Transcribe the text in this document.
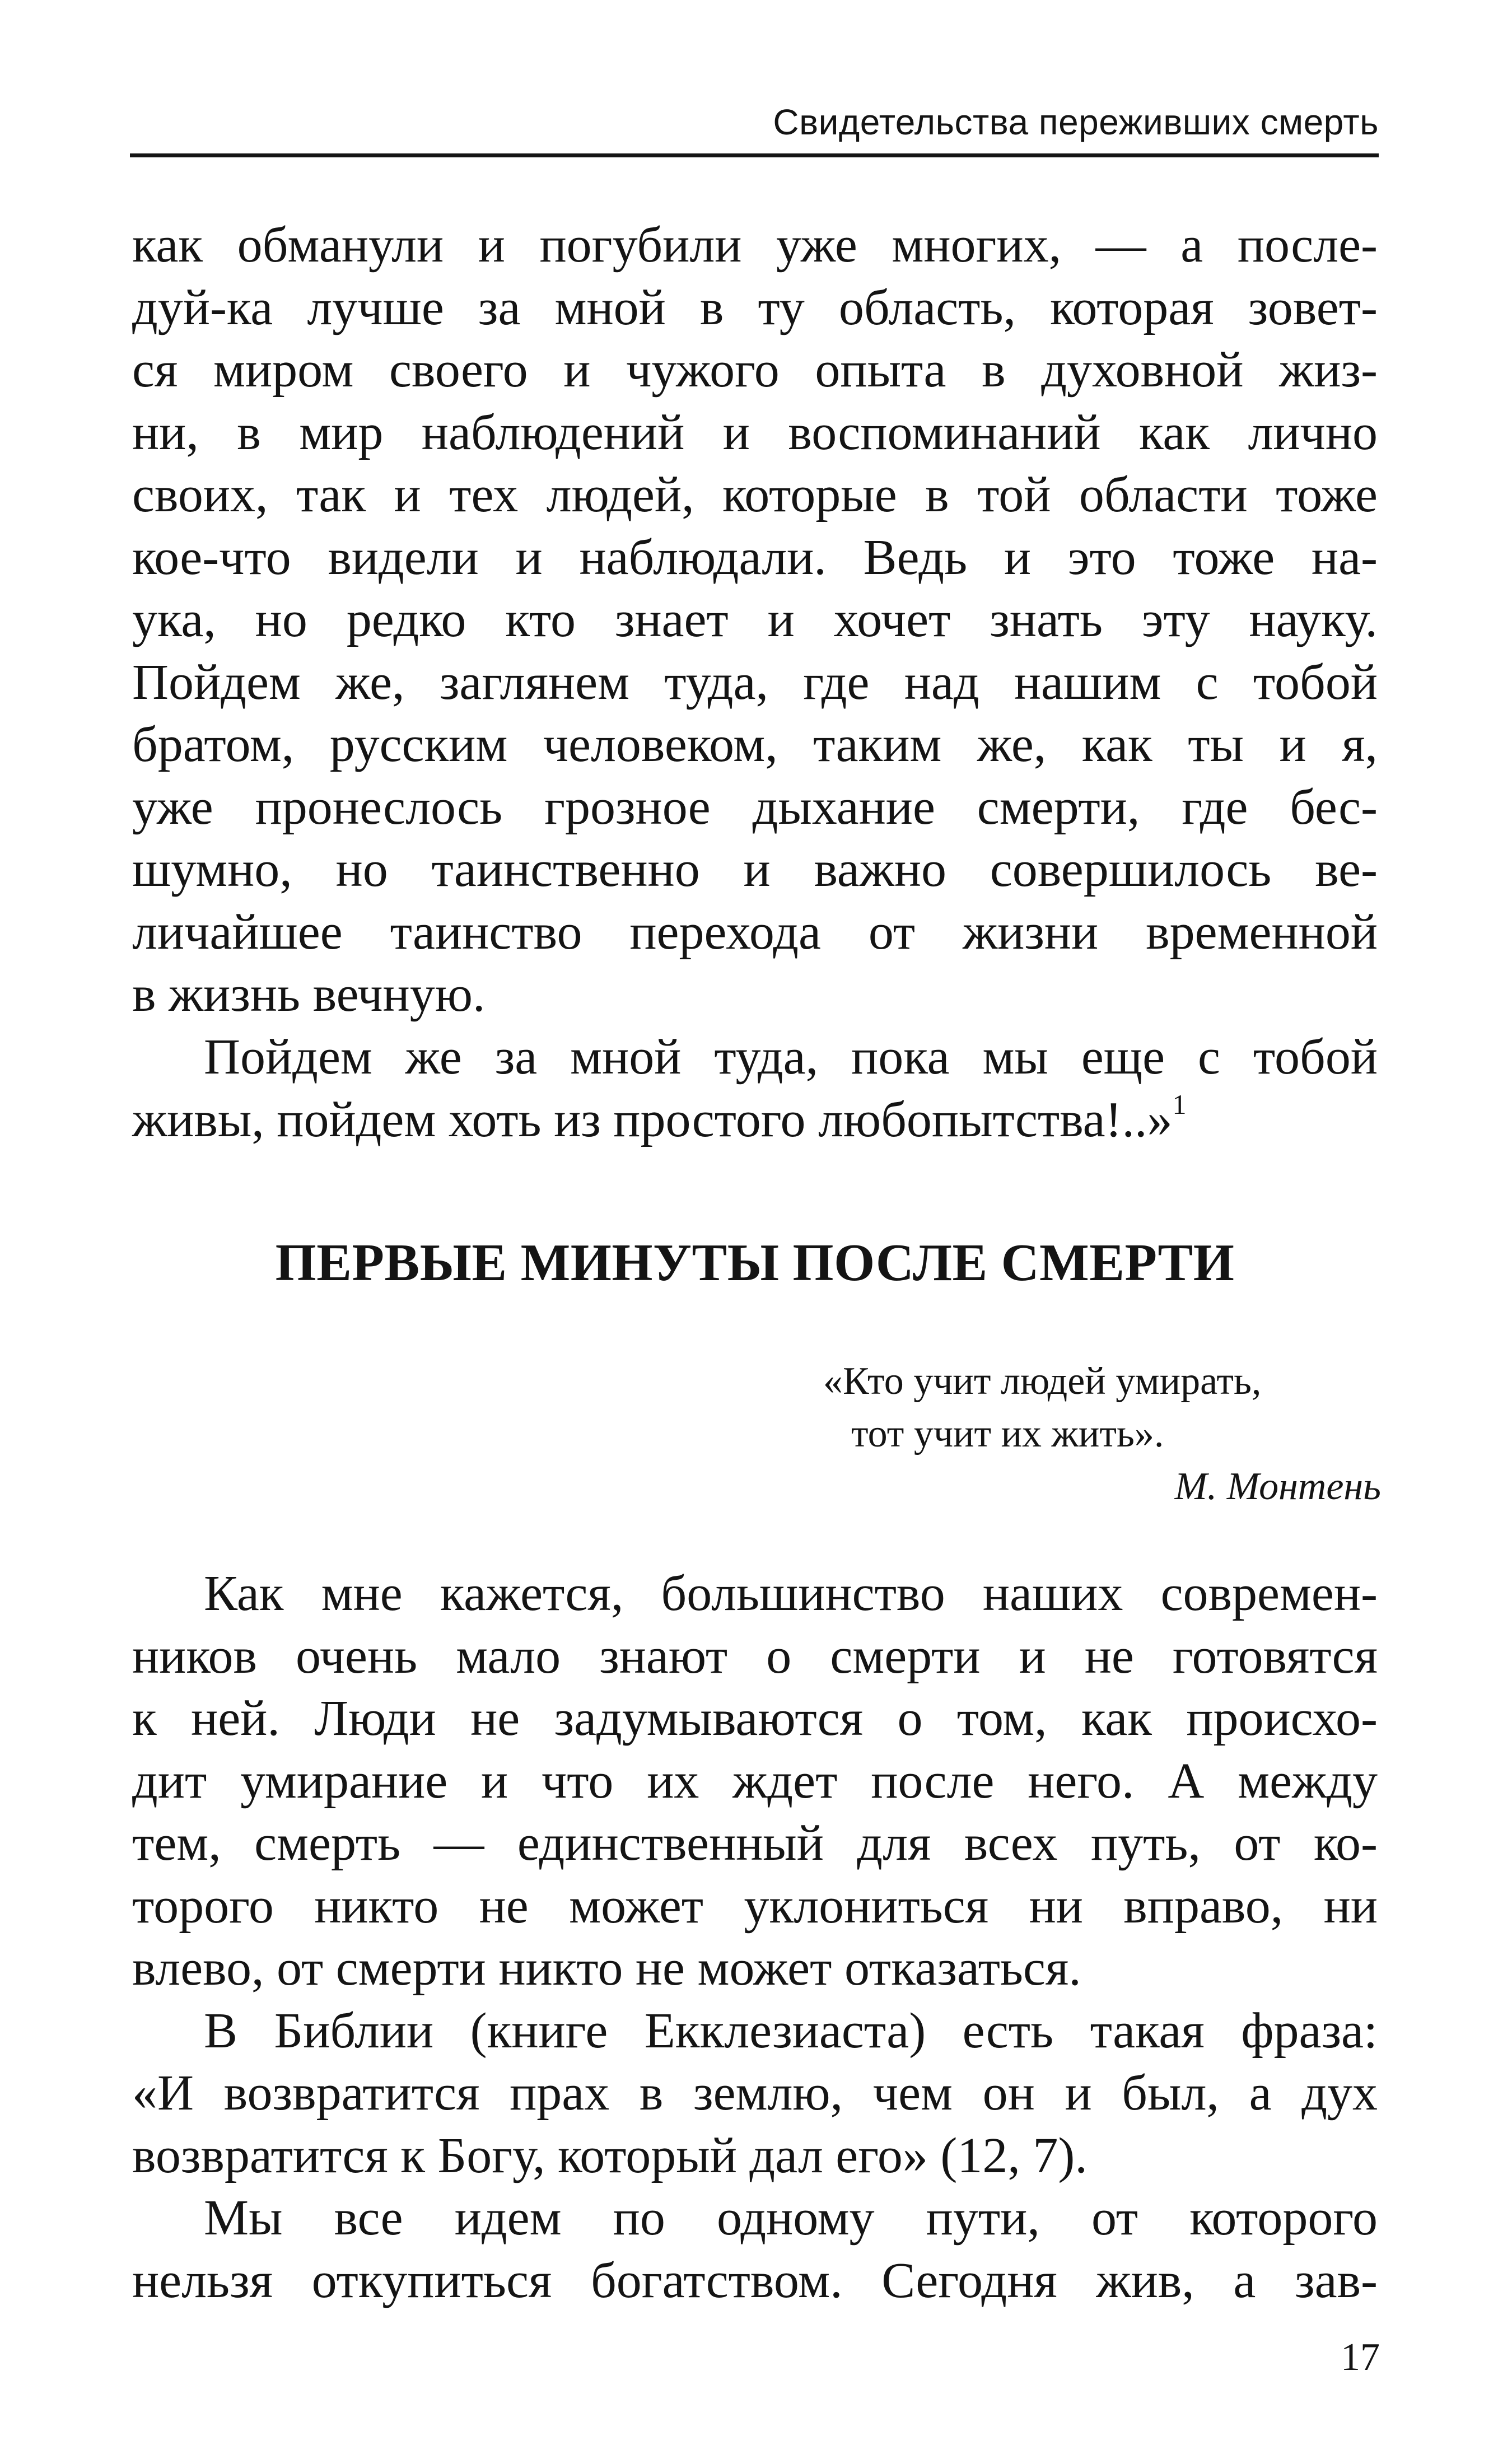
Свидетельства переживших смерть
как обманули и погубили уже многих, — а после-
дуй-ка лучше за мной в ту область, которая зовет-
ся миром своего и чужого опыта в духовной жиз-
ни, в мир наблюдений и воспоминаний как лично
своих, так и тех людей, которые в той области тоже
кое-что видели и наблюдали. Ведь и это тоже на-
ука, но редко кто знает и хочет знать эту науку.
Пойдем же, заглянем туда, где над нашим с тобой
братом, русским человеком, таким же, как ты и я,
уже пронеслось грозное дыхание смерти, где бес-
шумно, но таинственно и важно совершилось ве-
личайшее таинство перехода от жизни временной
в жизнь вечную.
Пойдем же за мной туда, пока мы еще с тобой
живы, пойдем хоть из простого любопытства!..»$^1$
ПЕРВЫЕ МИНУТЫ ПОСЛЕ СМЕРТИ
«Кто учит людей умирать,
тот учит их жить».
М. Монтень
Как мне кажется, большинство наших современ-
ников очень мало знают о смерти и не готовятся
к ней. Люди не задумываются о том, как происхо-
дит умирание и что их ждет после него. А между
тем, смерть — единственный для всех путь, от ко-
торого никто не может уклониться ни вправо, ни
влево, от смерти никто не может отказаться.
В Библии (книге Екклезиаста) есть такая фраза:
«И возвратится прах в землю, чем он и был, а дух
возвратится к Богу, который дал его» (12, 7).
Мы все идем по одному пути, от которого
нельзя откупиться богатством. Сегодня жив, а зав-
17
